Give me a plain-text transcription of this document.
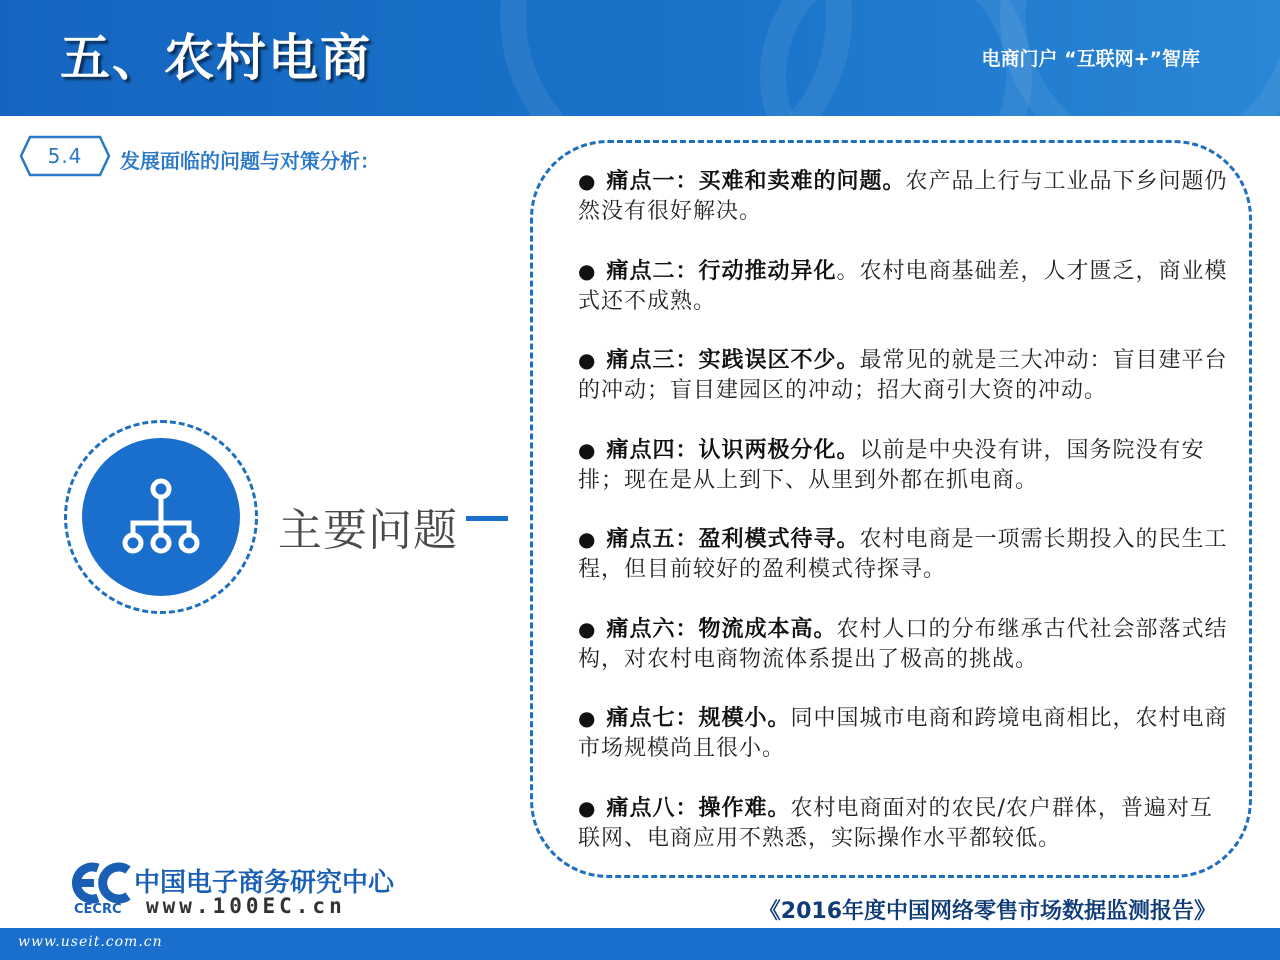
五、农村电商	电商门户 “互联网+”智库
5.4 发展面临的问题与对策分析：
主要问题
● 痛点一：买难和卖难的问题。农产品上行与工业品下乡问题仍然没有很好解决。
● 痛点二：行动推动异化。农村电商基础差，人才匮乏，商业模式还不成熟。
● 痛点三：实践误区不少。最常见的就是三大冲动：盲目建平台的冲动；盲目建园区的冲动；招大商引大资的冲动。
● 痛点四：认识两极分化。以前是中央没有讲，国务院没有安排；现在是从上到下、从里到外都在抓电商。
● 痛点五：盈利模式待寻。农村电商是一项需长期投入的民生工程，但目前较好的盈利模式待探寻。
● 痛点六：物流成本高。农村人口的分布继承古代社会部落式结构，对农村电商物流体系提出了极高的挑战。
● 痛点七：规模小。同中国城市电商和跨境电商相比，农村电商市场规模尚且很小。
● 痛点八：操作难。农村电商面对的农民/农户群体，普遍对互联网、电商应用不熟悉，实际操作水平都较低。
中国电子商务研究中心
CECRC www.100EC.cn	《2016年度中国网络零售市场数据监测报告》
www.useit.com.cn
